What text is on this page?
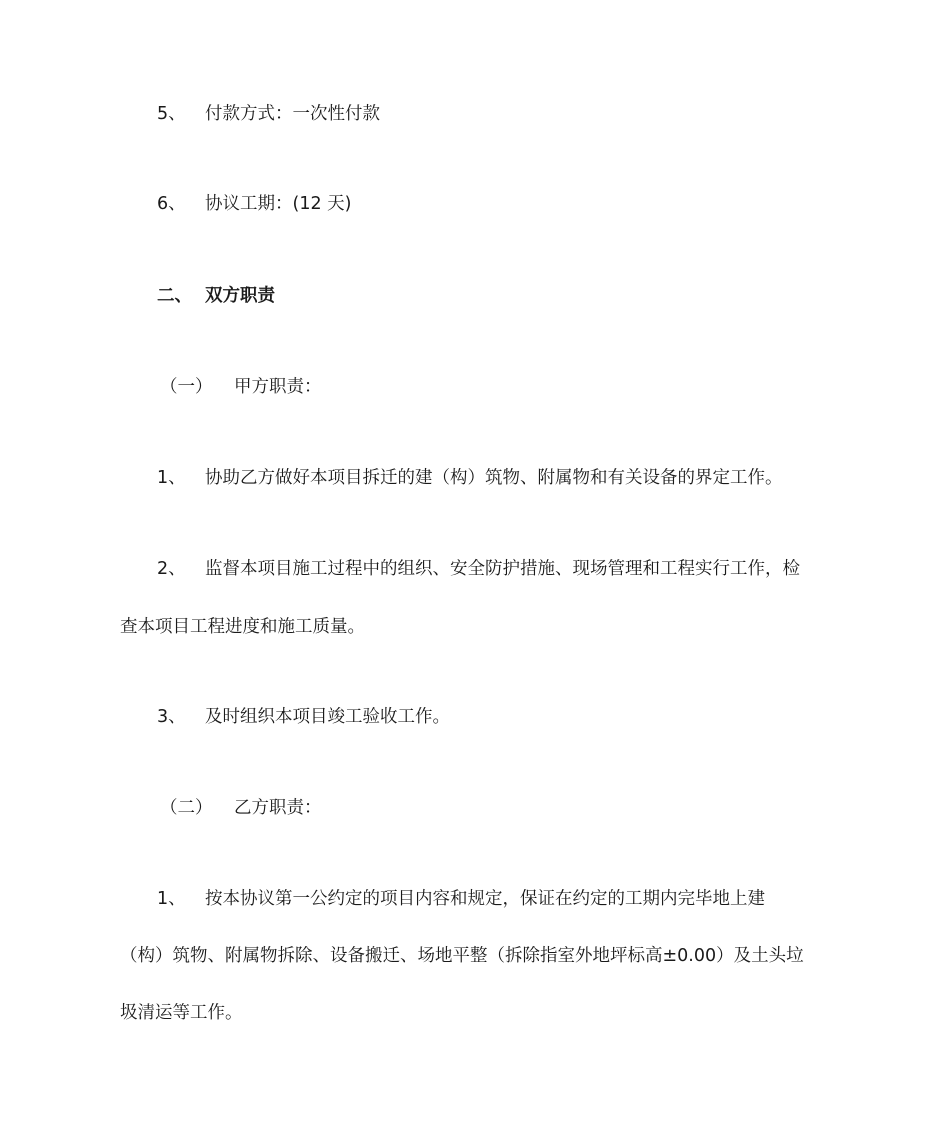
5、 付款方式：一次性付款
6、 协议工期：(12 天)
二、 双方职责
（一） 甲方职责：
1、 协助乙方做好本项目拆迁的建（构）筑物、附属物和有关设备的界定工作。
2、 监督本项目施工过程中的组织、安全防护措施、现场管理和工程实行工作，检
查本项目工程进度和施工质量。
3、 及时组织本项目竣工验收工作。
（二） 乙方职责：
1、 按本协议第一公约定的项目内容和规定，保证在约定的工期内完毕地上建
（构）筑物、附属物拆除、设备搬迁、场地平整（拆除指室外地坪标高±0.00）及土头垃
圾清运等工作。
